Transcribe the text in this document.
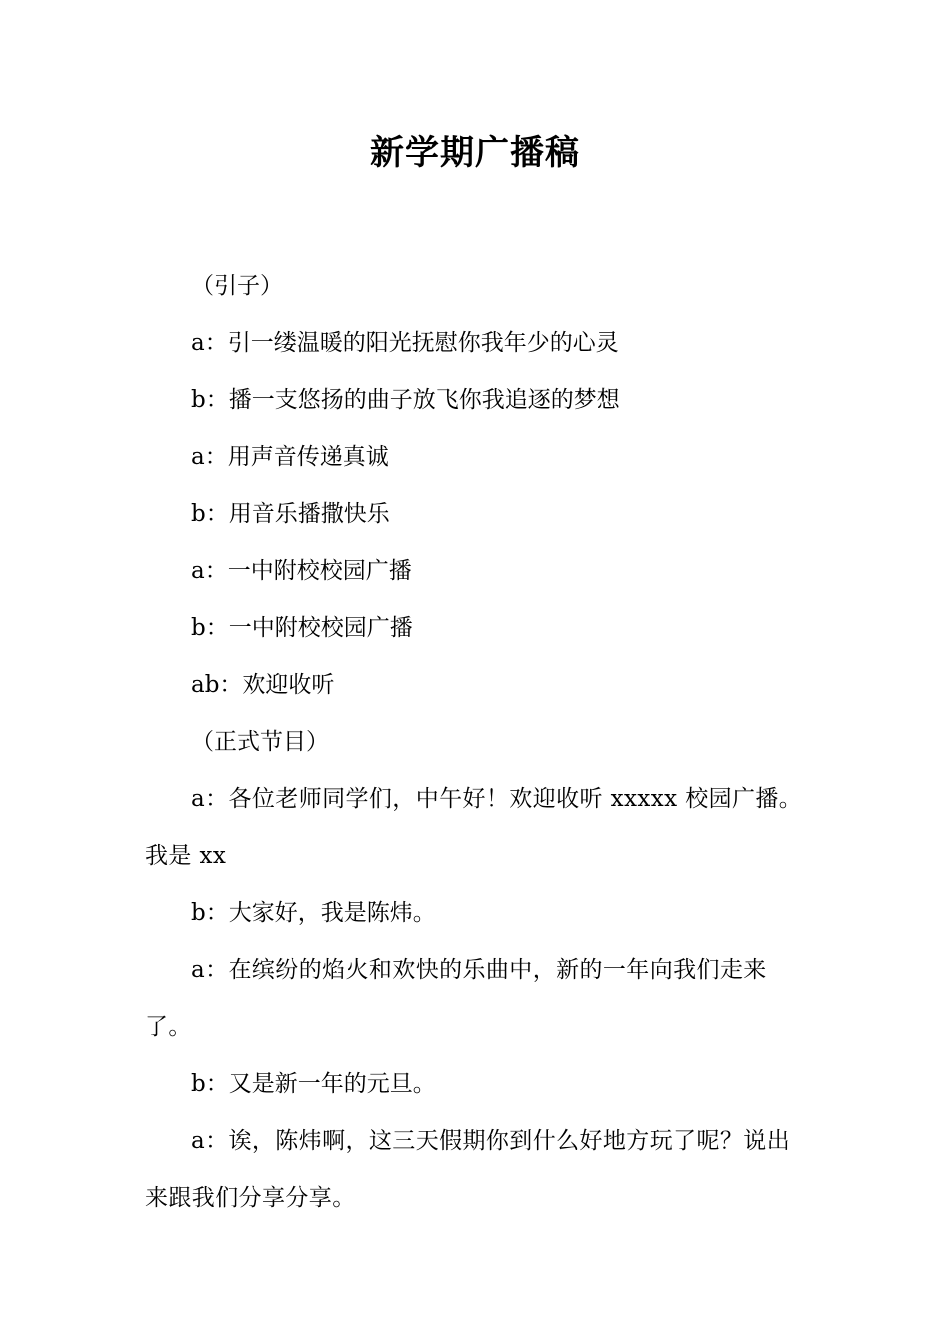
新学期广播稿

（引子）

a：引一缕温暖的阳光抚慰你我年少的心灵

b：播一支悠扬的曲子放飞你我追逐的梦想

a：用声音传递真诚

b：用音乐播撒快乐

a：一中附校校园广播

b：一中附校校园广播

ab：欢迎收听

（正式节目）

a：各位老师同学们，中午好！欢迎收听 xxxxx 校园广播。我是 xx

b：大家好，我是陈炜。

a：在缤纷的焰火和欢快的乐曲中，新的一年向我们走来了。

b：又是新一年的元旦。

a：诶，陈炜啊，这三天假期你到什么好地方玩了呢？说出来跟我们分享分享。
